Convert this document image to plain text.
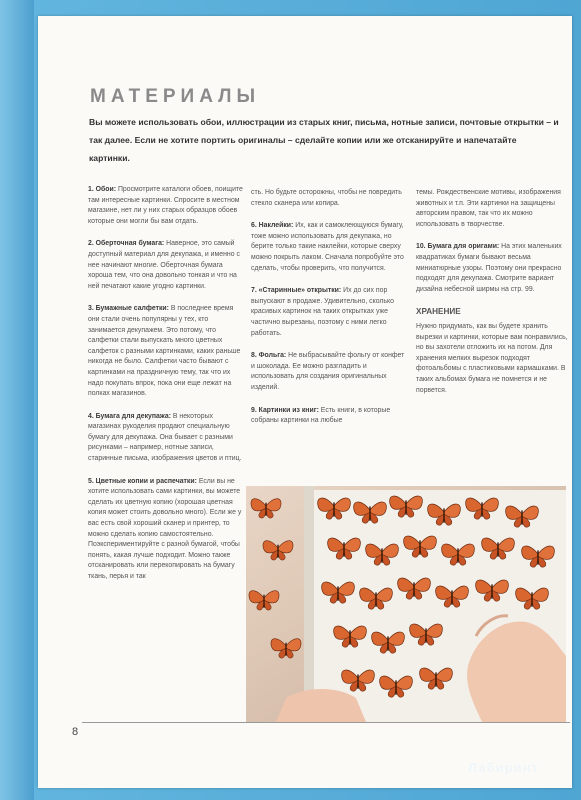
МАТЕРИАЛЫ
Вы можете использовать обои, иллюстрации из старых книг, письма, нотные записи, почтовые открытки – и так далее. Если не хотите портить оригиналы – сделайте копии или же отсканируйте и напечатайте картинки.

1. Обои: Просмотрите каталоги обоев, поищите там интересные картинки. Спросите в местном магазине, нет ли у них старых образцов обоев которые они могли бы вам отдать.

2. Оберточная бумага: Наверное, это самый доступный материал для декупажа, и именно с нее начинают многие. Оберточная бумага хороша тем, что она довольно тонкая и что на ней печатают какие угодно картинки.

3. Бумажные салфетки: В последнее время они стали очень популярны у тех, кто занимается декупажем. Это потому, что салфетки стали выпускать много цветных салфеток с разными картинками, каких раньше никогда не было. Салфетки часто бывают с картинками на праздничную тему, так что их надо покупать впрок, пока они еще лежат на полках магазинов.

4. Бумага для декупажа: В некоторых магазинах рукоделия продают специальную бумагу для декупажа. Она бывает с разными рисунками – например, нотные записи, старинные письма, изображения цветов и птиц.

5. Цветные копии и распечатки: Если вы не хотите использовать сами картинки, вы можете сделать их цветную копию (хорошая цветная копия может стоить довольно много). Если же у вас есть свой хороший сканер и принтер, то можно сделать копию самостоятельно. Поэкспериментируйте с разной бумагой, чтобы понять, какая лучше подходит. Можно также отсканировать или перекопировать на бумагу ткань, перья и так

сть. Но будьте осторожны, чтобы не повредить стекло сканера или копира.

6. Наклейки: Их, как и самоклеющуюся бумагу, тоже можно использовать для декупажа, но берите только такие наклейки, которые сверху можно покрыть лаком. Сначала попробуйте это сделать, чтобы проверить, что получится.

7. «Старинные» открытки: Их до сих пор выпускают в продаже. Удивительно, сколько красивых картинок на таких открытках уже частично вырезаны, поэтому с ними легко работать.

8. Фольга: Не выбрасывайте фольгу от конфет и шоколада. Ее можно разгладить и использовать для создания оригинальных изделий.

9. Картинки из книг: Есть книги, в которые собраны картинки на любые

темы. Рождественские мотивы, изображения животных и т.п. Эти картинки на защищены авторским правом, так что их можно использовать в творчестве.

10. Бумага для оригами: На этих маленьких квадратиках бумаги бывают весьма миниатюрные узоры. Поэтому они прекрасно подходят для декупажа. Смотрите вариант дизайна небесной ширмы на стр. 99.

ХРАНЕНИЕ

Нужно придумать, как вы будете хранить вырезки и картинки, которые вам понравились, но вы захотели отложить их на потом. Для хранения мелких вырезок подходят фотоальбомы с пластиковыми кармашками. В таких альбомах бумага не помнется и не порвется.

8
Лабиринт
